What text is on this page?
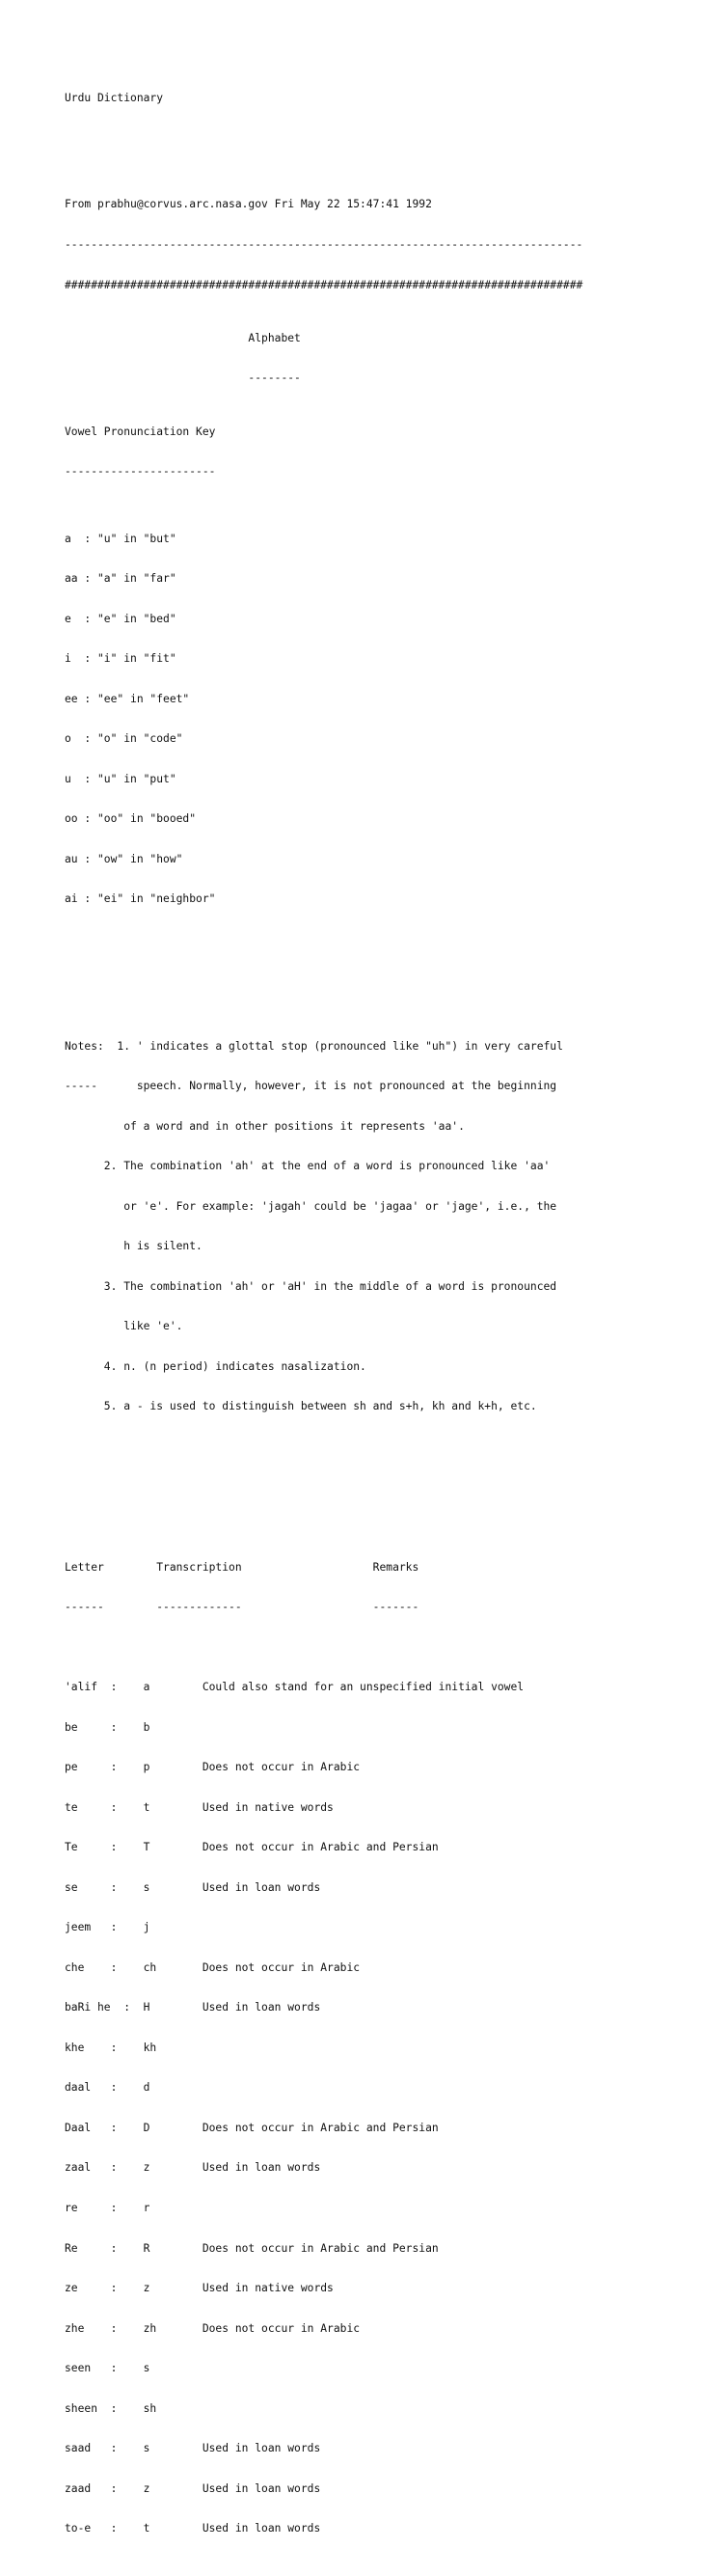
Urdu Dictionary

From prabhu@corvus.arc.nasa.gov Fri May 22 15:47:41 1992

-------------------------------------------------------------------------------

###############################################################################

Alphabet

--------

Vowel Pronunciation Key

-----------------------

a  : "u" in "but"

aa : "a" in "far"

e  : "e" in "bed"

i  : "i" in "fit"

ee : "ee" in "feet"

o  : "o" in "code"

u  : "u" in "put"

oo : "oo" in "booed"

au : "ow" in "how"

ai : "ei" in "neighbor"

Notes:  1. ' indicates a glottal stop (pronounced like "uh") in very careful

-----      speech. Normally, however, it is not pronounced at the beginning

of a word and in other positions it represents 'aa'.

2. The combination 'ah' at the end of a word is pronounced like 'aa'

or 'e'. For example: 'jagah' could be 'jagaa' or 'jage', i.e., the

h is silent.

3. The combination 'ah' or 'aH' in the middle of a word is pronounced

like 'e'.

4. n. (n period) indicates nasalization.

5. a - is used to distinguish between sh and s+h, kh and k+h, etc.

Letter        Transcription                    Remarks

------        -------------                    -------

'alif  :    a        Could also stand for an unspecified initial vowel

be     :    b

pe     :    p        Does not occur in Arabic

te     :    t        Used in native words

Te     :    T        Does not occur in Arabic and Persian

se     :    s        Used in loan words

jeem   :    j

che    :    ch       Does not occur in Arabic

baRi he  :  H        Used in loan words

khe    :    kh

daal   :    d

Daal   :    D        Does not occur in Arabic and Persian

zaal   :    z        Used in loan words

re     :    r

Re     :    R        Does not occur in Arabic and Persian

ze     :    z        Used in native words

zhe    :    zh       Does not occur in Arabic

seen   :    s

sheen  :    sh

saad   :    s        Used in loan words

zaad   :    z        Used in loan words

to-e   :    t        Used in loan words
